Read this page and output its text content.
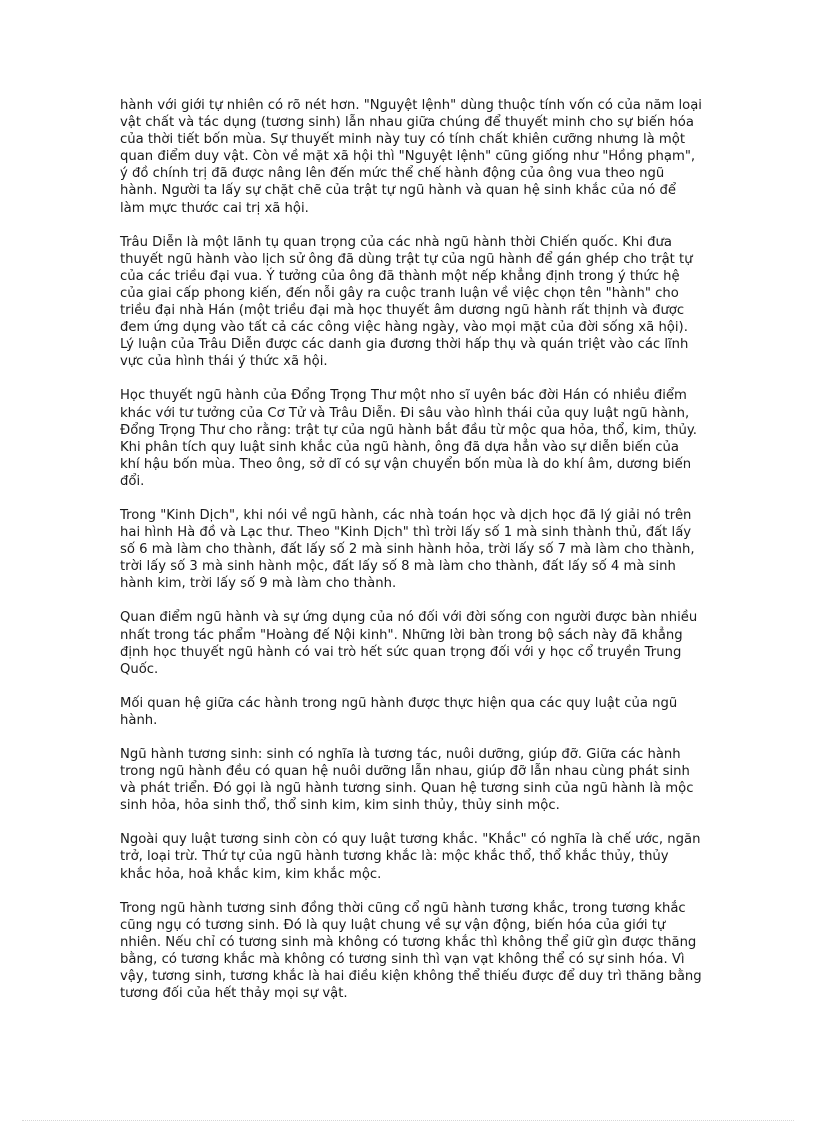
hành với giới tự nhiên có rõ nét hơn. "Nguyệt lệnh" dùng thuộc tính vốn có của năm loại vật chất và tác dụng (tương sinh) lẫn nhau giữa chúng để thuyết minh cho sự biến hóa của thời tiết bốn mùa. Sự thuyết minh này tuy có tính chất khiên cưỡng nhưng là một quan điểm duy vật. Còn về mặt xã hội thì "Nguyệt lệnh" cũng giống như "Hồng phạm", ý đồ chính trị đã được nâng lên đến mức thể chế hành động của ông vua theo ngũ hành. Người ta lấy sự chặt chẽ của trật tự ngũ hành và quan hệ sinh khắc của nó để làm mực thước cai trị xã hội.

Trâu Diễn là một lãnh tụ quan trọng của các nhà ngũ hành thời Chiến quốc. Khi đưa thuyết ngũ hành vào lịch sử ông đã dùng trật tự của ngũ hành để gán ghép cho trật tự của các triều đại vua. Ý tưởng của ông đã thành một nếp khẳng định trong ý thức hệ của giai cấp phong kiến, đến nỗi gây ra cuộc tranh luận về việc chọn tên "hành" cho triều đại nhà Hán (một triều đại mà học thuyết âm dương ngũ hành rất thịnh và được đem ứng dụng vào tất cả các công việc hàng ngày, vào mọi mặt của đời sống xã hội). Lý luận của Trâu Diễn được các danh gia đương thời hấp thụ và quán triệt vào các lĩnh vực của hình thái ý thức xã hội.

Học thuyết ngũ hành của Đổng Trọng Thư một nho sĩ uyên bác đời Hán có nhiều điểm khác với tư tưởng của Cơ Tử và Trâu Diễn. Đi sâu vào hình thái của quy luật ngũ hành, Đổng Trọng Thư cho rằng: trật tự của ngũ hành bắt đầu từ mộc qua hỏa, thổ, kim, thủy. Khi phân tích quy luật sinh khắc của ngũ hành, ông đã dựa hẳn vào sự diễn biến của khí hậu bốn mùa. Theo ông, sở dĩ có sự vận chuyển bốn mùa là do khí âm, dương biến đổi.

Trong "Kinh Dịch", khi nói về ngũ hành, các nhà toán học và dịch học đã lý giải nó trên hai hình Hà đồ và Lạc thư. Theo "Kinh Dịch" thì trời lấy số 1 mà sinh thành thủ, đất lấy số 6 mà làm cho thành, đất lấy số 2 mà sinh hành hỏa, trời lấy số 7 mà làm cho thành, trời lấy số 3 mà sinh hành mộc, đất lấy số 8 mà làm cho thành, đất lấy số 4 mà sinh hành kim, trời lấy số 9 mà làm cho thành.

Quan điểm ngũ hành và sự ứng dụng của nó đối với đời sống con người được bàn nhiều nhất trong tác phẩm "Hoàng đế Nội kinh". Những lời bàn trong bộ sách này đã khẳng định học thuyết ngũ hành có vai trò hết sức quan trọng đối với y học cổ truyền Trung Quốc.

Mối quan hệ giữa các hành trong ngũ hành được thực hiện qua các quy luật của ngũ hành.

Ngũ hành tương sinh: sinh có nghĩa là tương tác, nuôi dưỡng, giúp đỡ. Giữa các hành trong ngũ hành đều có quan hệ nuôi dưỡng lẫn nhau, giúp đỡ lẫn nhau cùng phát sinh và phát triển. Đó gọi là ngũ hành tương sinh. Quan hệ tương sinh của ngũ hành là mộc sinh hỏa, hỏa sinh thổ, thổ sinh kim, kim sinh thủy, thủy sinh mộc.

Ngoài quy luật tương sinh còn có quy luật tương khắc. "Khắc" có nghĩa là chế ước, ngăn trở, loại trừ. Thứ tự của ngũ hành tương khắc là: mộc khắc thổ, thổ khắc thủy, thủy khắc hỏa, hoả khắc kim, kim khắc mộc.

Trong ngũ hành tương sinh đồng thời cũng cổ ngũ hành tương khắc, trong tương khắc cũng ngụ có tương sinh. Đó là quy luật chung về sự vận động, biến hóa của giới tự nhiên. Nếu chỉ có tương sinh mà không có tương khắc thì không thể giữ gìn được thăng bằng, có tương khắc mà không có tương sinh thì vạn vạt không thể có sự sinh hóa. Vì vậy, tương sinh, tương khắc là hai điều kiện không thể thiếu được để duy trì thăng bằng tương đối của hết thảy mọi sự vật.
